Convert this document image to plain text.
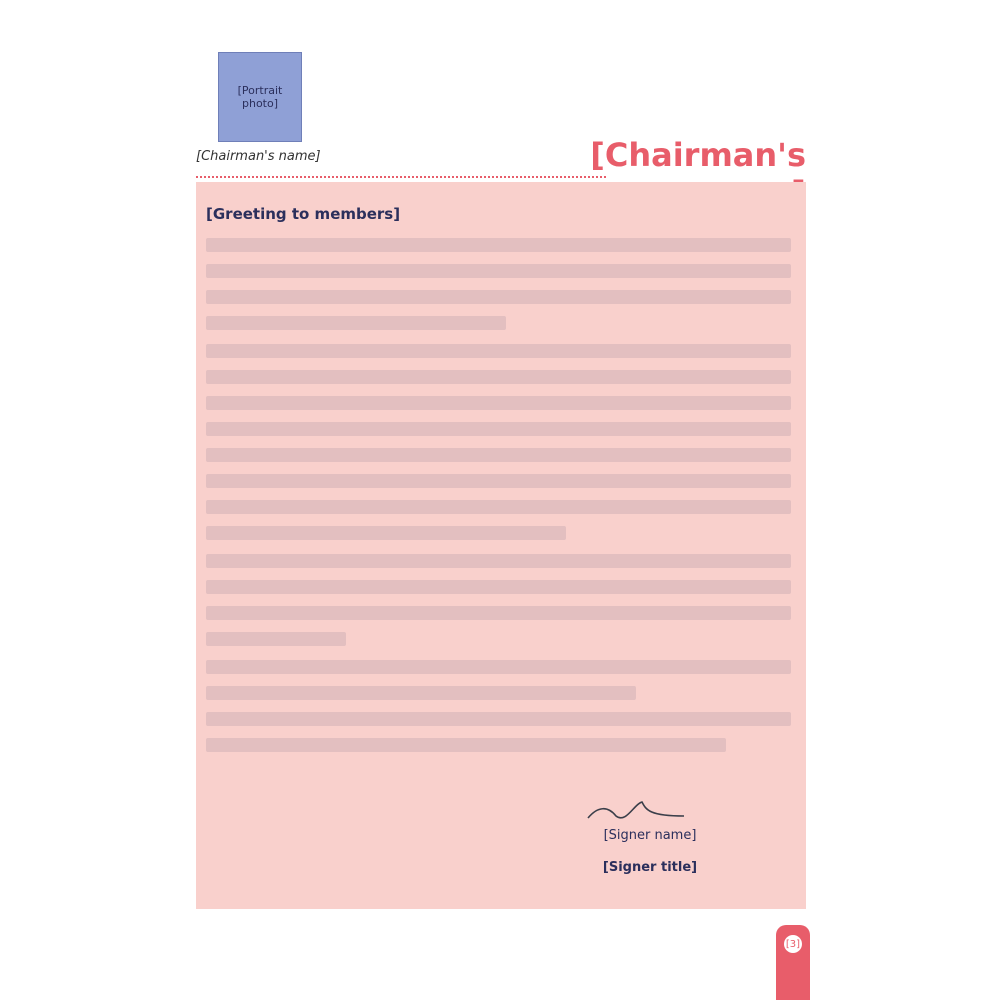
[Portrait photo]
[Chairman's name]	[Chairman's
[Greeting to members]
[Signer name]
[Signer title]
[3]
